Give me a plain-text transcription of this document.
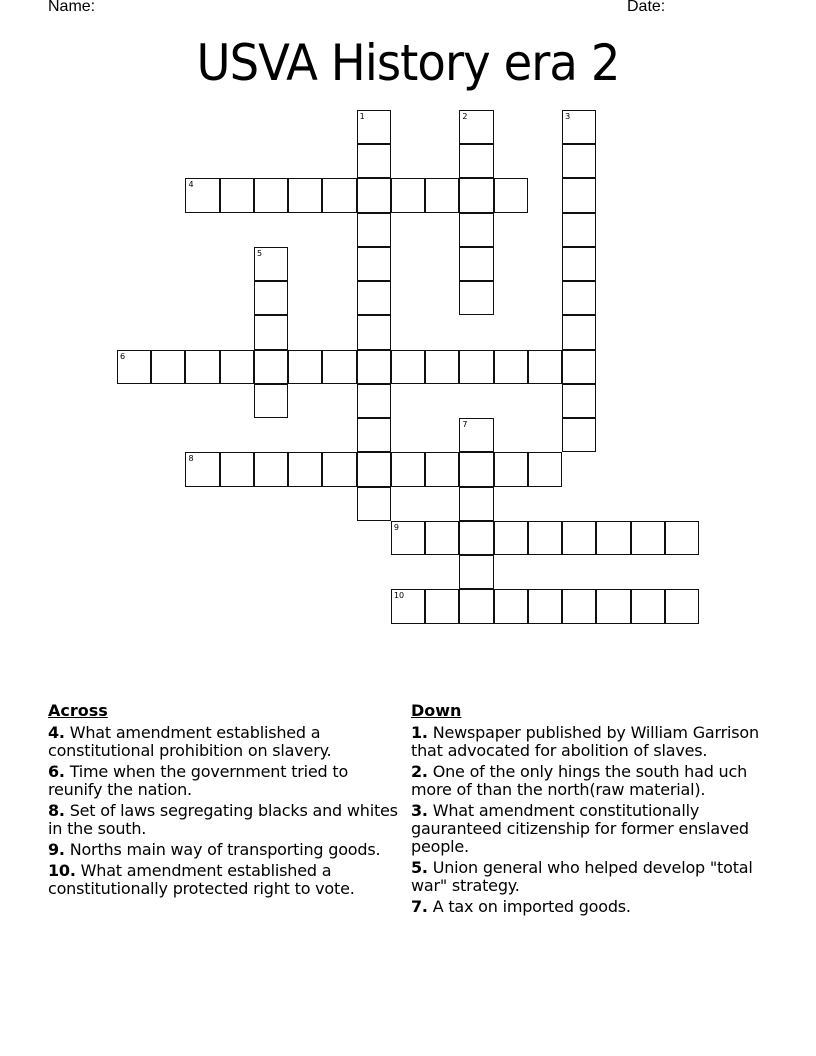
Name:	Date:
USVA History era 2
1	2	3
4
5
6
7
8
9
10
Across
4. What amendment established a constitutional prohibition on slavery.
6. Time when the government tried to reunify the nation.
8. Set of laws segregating blacks and whites in the south.
9. Norths main way of transporting goods.
10. What amendment established a constitutionally protected right to vote.
Down
1. Newspaper published by William Garrison that advocated for abolition of slaves.
2. One of the only hings the south had uch more of than the north(raw material).
3. What amendment constitutionally gauranteed citizenship for former enslaved people.
5. Union general who helped develop "total war" strategy.
7. A tax on imported goods.
